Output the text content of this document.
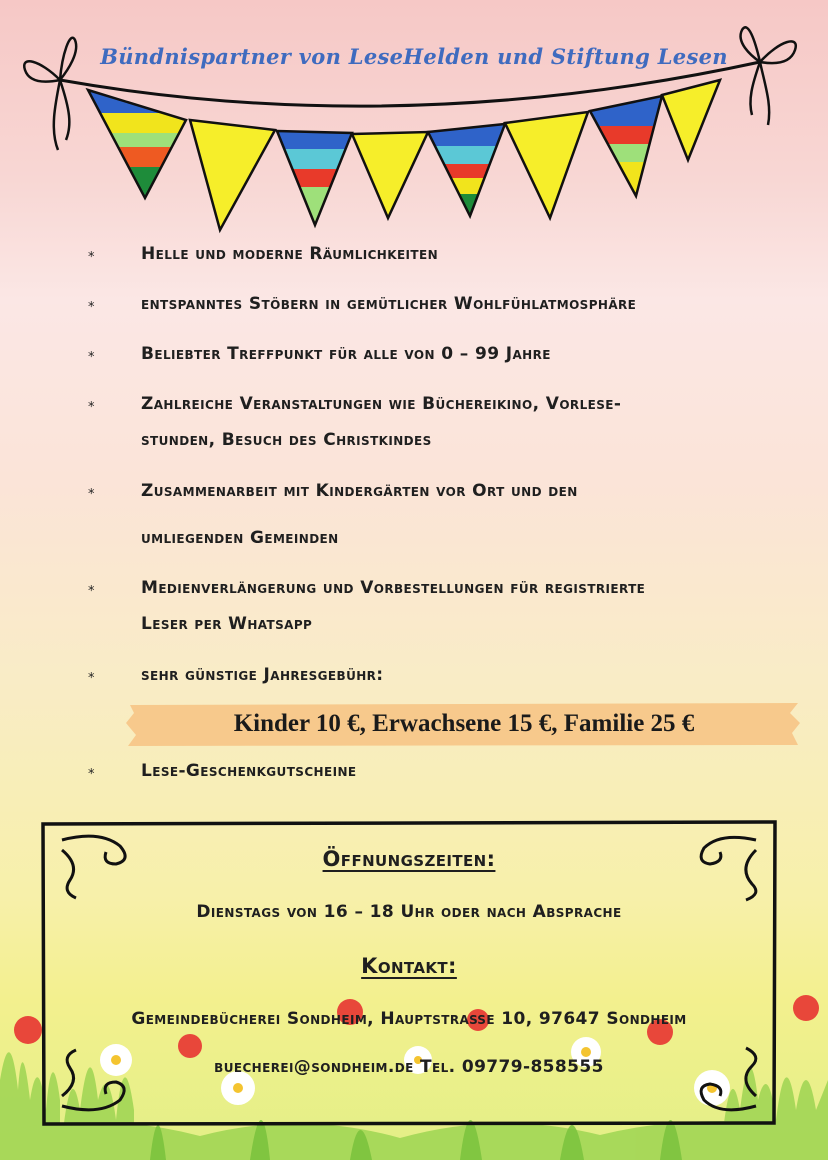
Bündnispartner von LeseHelden und Stiftung Lesen
*	Helle und moderne Räumlichkeiten
*	entspanntes Stöbern in gemütlicher Wohlfühlatmosphäre
*	Beliebter Treffpunkt für alle von 0 – 99 Jahre
*	Zahlreiche Veranstaltungen wie Büchereikino, Vorlese-
stunden, Besuch des Christkindes
*	Zusammenarbeit mit Kindergärten vor Ort und den
umliegenden Gemeinden
*	Medienverlängerung und Vorbestellungen für registrierte
Leser per Whatsapp
*	sehr günstige Jahresgebühr:
*	Lese-Geschenkgutscheine
Kinder 10 €, Erwachsene 15 €, Familie 25 €
Öffnungszeiten:
Dienstags von 16 – 18 Uhr oder nach Absprache
Kontakt:
Gemeindebücherei Sondheim, Hauptstraße 10, 97647 Sondheim
buecherei@sondheim.de Tel. 09779-858555
